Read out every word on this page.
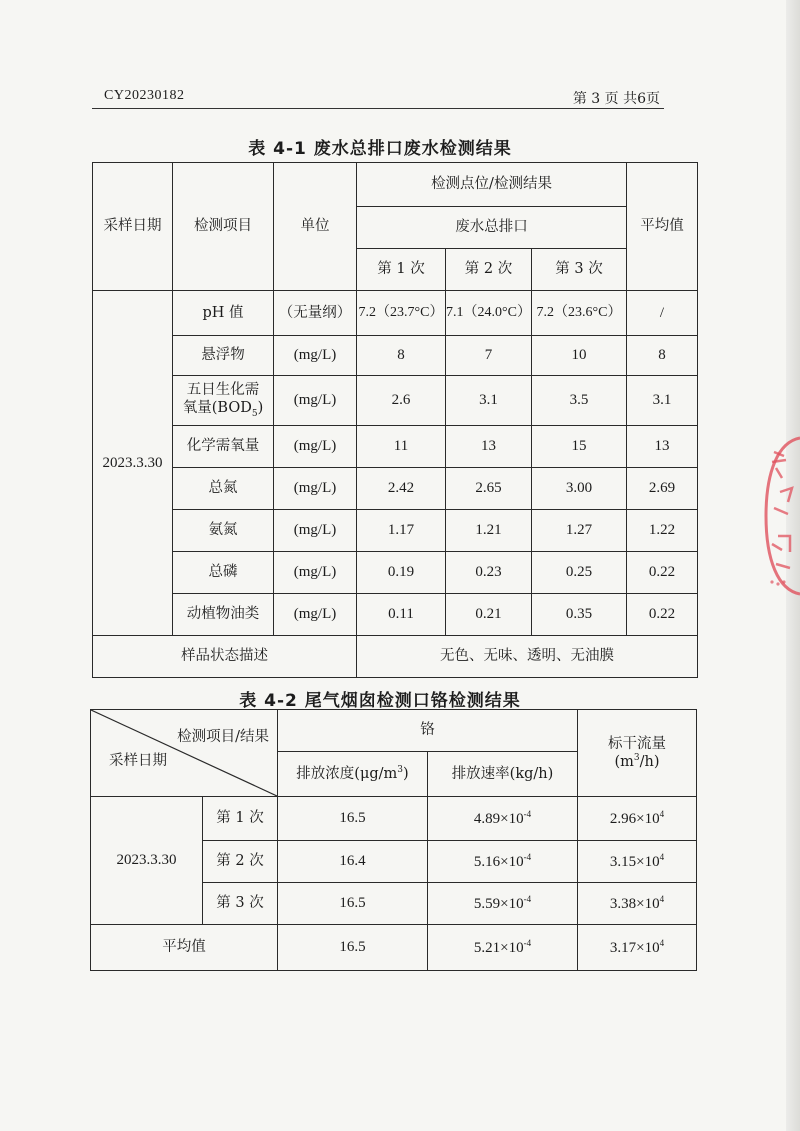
CY20230182	第 3 页 共6页
表 4-1 废水总排口废水检测结果
采样日期	检测项目	单位	检测点位/检测结果			平均值
			废水总排口			
			第 1 次	第 2 次	第 3 次	
2023.3.30	pH 值	（无量纲）	7.2（23.7°C）	7.1（24.0°C）	7.2（23.6°C）	/
	悬浮物	(mg/L)	8	7	10	8
	五日生化需
氧量$(BOD_5)$	(mg/L)	2.6	3.1	3.5	3.1
	化学需氧量	(mg/L)	11	13	15	13
	总氮	(mg/L)	2.42	2.65	3.00	2.69
	氨氮	(mg/L)	1.17	1.21	1.27	1.22
	总磷	(mg/L)	0.19	0.23	0.25	0.22
	动植物油类	(mg/L)	0.11	0.21	0.35	0.22
样品状态描述			无色、无味、透明、无油膜			
表 4-2 尾气烟囱检测口铬检测结果
检测项目/结果
采样日期		铬		标干流量
$(m^3/h)$
		排放浓度$(\mu g/m^3)$	排放速率(kg/h)	
2023.3.30	第 1 次	16.5	$4.89\times 10^{-4}$	$2.96\times 10^4$
	第 2 次	16.4	$5.16\times 10^{-4}$	$3.15\times 10^4$
	第 3 次	16.5	$5.59\times 10^{-4}$	$3.38\times 10^4$
平均值		16.5	$5.21\times 10^{-4}$	$3.17\times 10^4$
